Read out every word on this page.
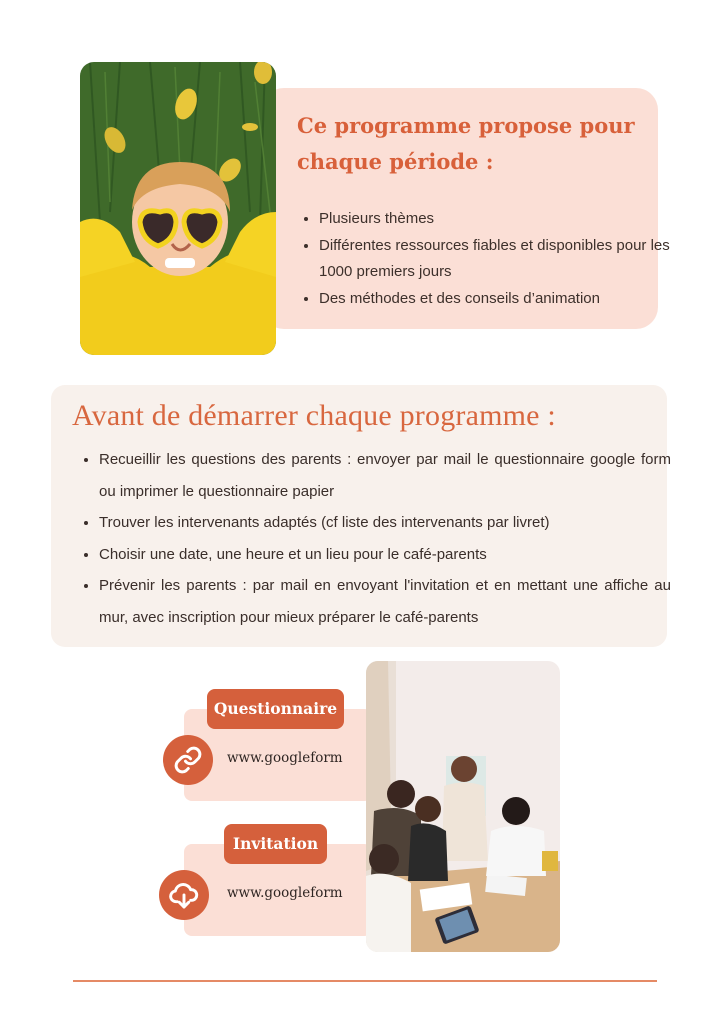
Ce programme propose pour chaque période :
• Plusieurs thèmes
• Différentes ressources fiables et disponibles pour les 1000 premiers jours
• Des méthodes et des conseils d’animation
Avant de démarrer chaque programme :
• Recueillir les questions des parents : envoyer par mail le questionnaire google form ou imprimer le questionnaire papier
• Trouver les intervenants adaptés (cf liste des intervenants par livret)
• Choisir une date, une heure et un lieu pour le café-parents
• Prévenir les parents : par mail en envoyant l'invitation et en mettant une affiche au mur, avec inscription pour mieux préparer le café-parents
Questionnaire
www.googleform
Invitation
www.googleform
